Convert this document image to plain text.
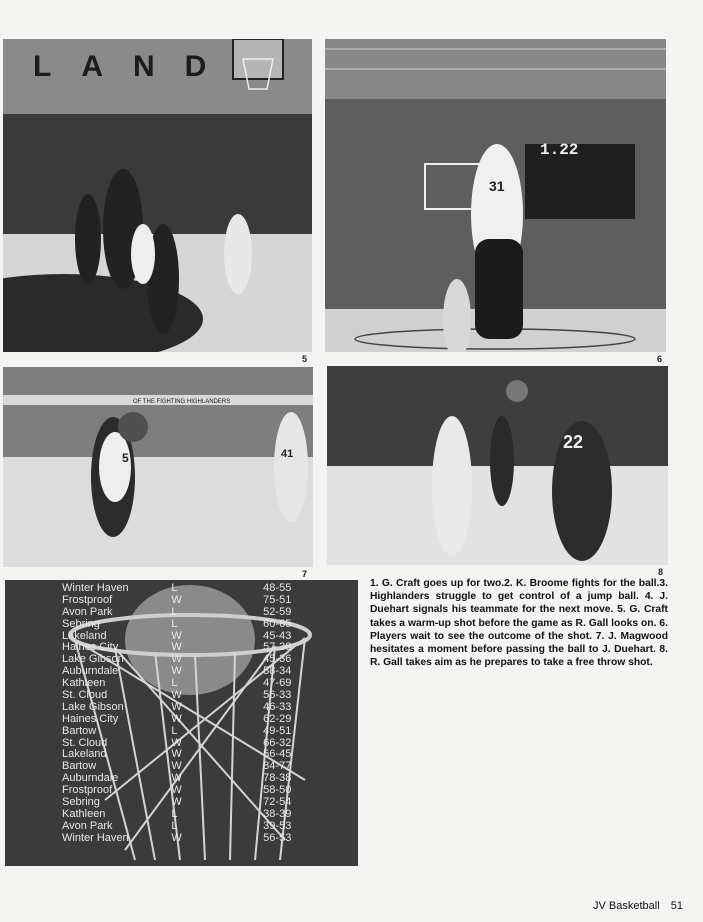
LAND
5
1.22
31
6
OF THE FIGHTING HIGHLANDERS
5	41
7
22
8
Winter Haven	L	48-55
Frostproof	W	75-51
Avon Park	L	52-59
Sebring	L	60-65
Lakeland	W	45-43
Haines City	W	57-38
Lake Gibson	W	45-36
Auburndale	W	58-34
Kathleen	L	47-69
St. Cloud	W	56-33
Lake Gibson	W	46-33
Haines City	W	62-29
Bartow	L	49-51
St. Cloud	W	66-32
Lakeland	W	56-45
Bartow	W	84-77
Auburndale	W	78-38
Frostproof	W	58-50
Sebring	W	72-54
Kathleen	L	38-39
Avon Park	L	39-53
Winter Haven	W	56-53
1. G. Craft goes up for two.2. K. Broome fights for the ball.3. Highlanders struggle to get control of a jump ball. 4. J. Duehart signals his teammate for the next move. 5. G. Craft takes a warm-up shot before the game as R. Gall looks on. 6. Players wait to see the outcome of the shot. 7. J. Magwood hesitates a moment before passing the ball to J. Duehart. 8. R. Gall takes aim as he prepares to take a free throw shot.
JV Basketball 51
